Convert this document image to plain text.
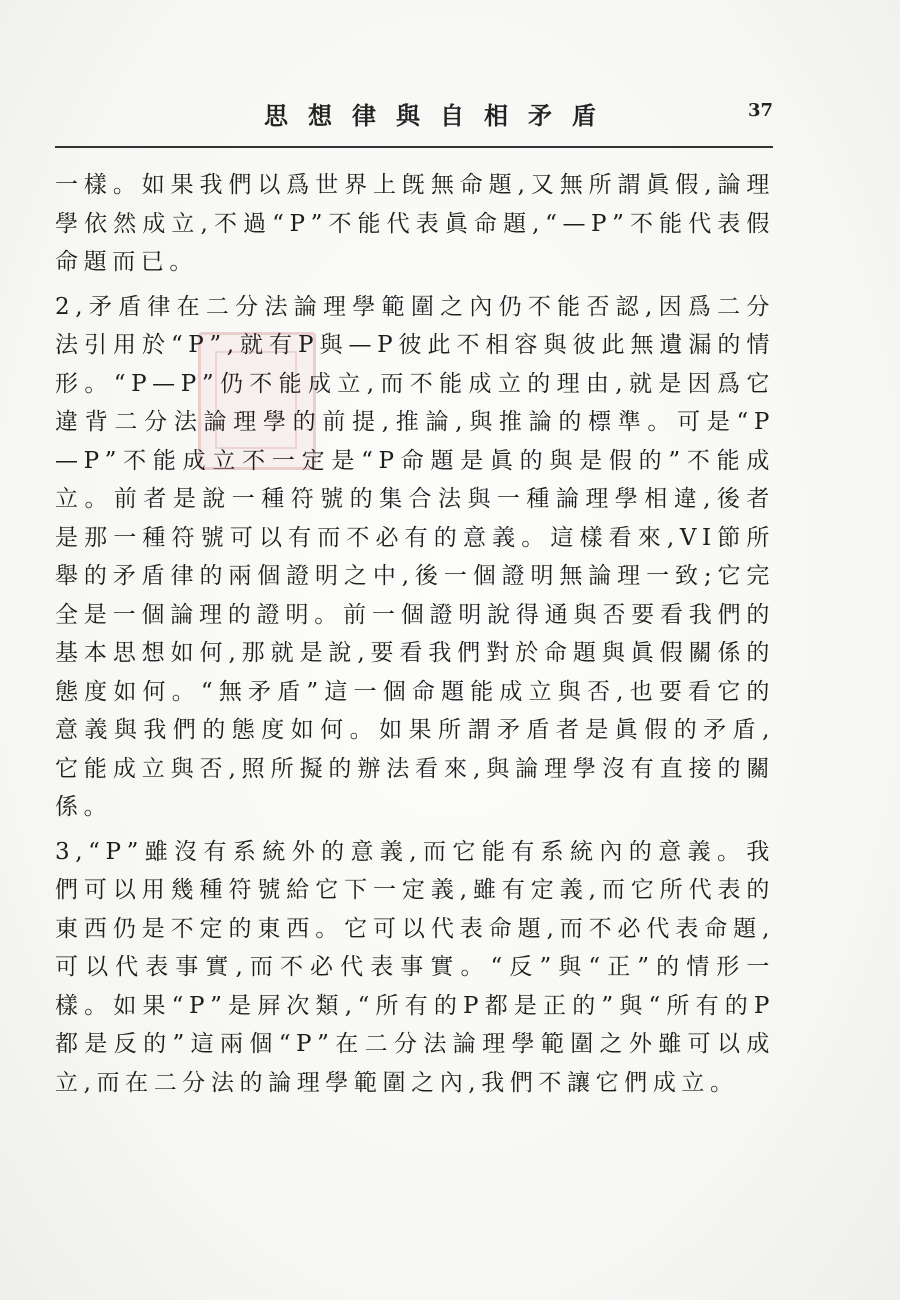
思想律與自相矛盾	37

一樣。如果我們以爲世界上旣無命題,又無所謂眞假,論理學依然成立,不過“P”不能代表眞命題,“—P”不能代表假命題而已。

2,矛盾律在二分法論理學範圍之內仍不能否認,因爲二分法引用於“P”,就有P與—P彼此不相容與彼此無遺漏的情形。“P—P”仍不能成立,而不能成立的理由,就是因爲它違背二分法論理學的前提,推論,與推論的標準。可是“P—P”不能成立不一定是“P命題是眞的與是假的”不能成立。前者是說一種符號的集合法與一種論理學相違,後者是那一種符號可以有而不必有的意義。這樣看來,VI節所舉的矛盾律的兩個證明之中,後一個證明無論理一致;它完全是一個論理的證明。前一個證明說得通與否要看我們的基本思想如何,那就是說,要看我們對於命題與眞假關係的態度如何。“無矛盾”這一個命題能成立與否,也要看它的意義與我們的態度如何。如果所謂矛盾者是眞假的矛盾,它能成立與否,照所擬的辦法看來,與論理學沒有直接的關係。

3,“P”雖沒有系統外的意義,而它能有系統內的意義。我們可以用幾種符號給它下一定義,雖有定義,而它所代表的東西仍是不定的東西。它可以代表命題,而不必代表命題,可以代表事實,而不必代表事實。“反”與“正”的情形一樣。如果“P”是屛次類,“所有的P都是正的”與“所有的P都是反的”這兩個“P”在二分法論理學範圍之外雖可以成立,而在二分法的論理學範圍之內,我們不讓它們成立。
